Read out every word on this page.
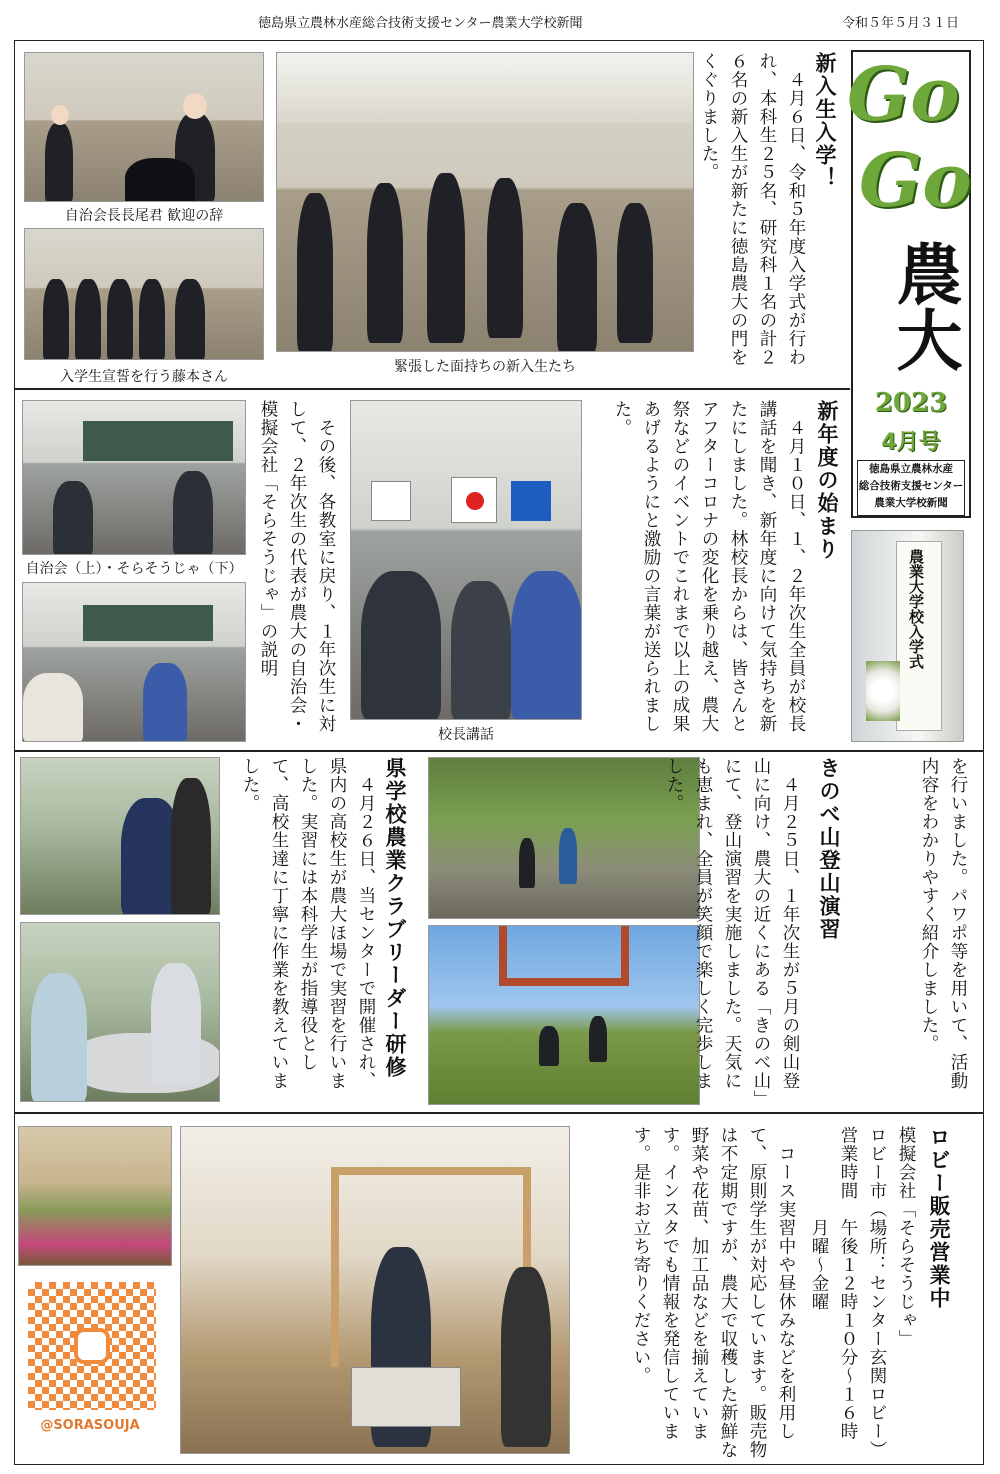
徳島県立農林水産総合技術支援センター農業大学校新聞	令和５年５月３１日
Go
Go
農大
2023
4月号
徳島県立農林水産
総合技術支援センター
農業大学校新聞
自治会長長尾君 歓迎の辞
入学生宣誓を行う藤本さん
緊張した面持ちの新入生たち
新入生入学！
　４月６日、令和５年度入学式が行われ、本科生２５名、研究科１名の計２６名の新入生が新たに徳島農大の門をくぐりました。
自治会（上）・そらそうじゃ（下）	　その後、各教室に戻り、１年次生に対して、２年次生の代表が農大の自治会・模擬会社「そらそうじゃ」の説明
校長講話
新年度の始まり
　４月１０日、１、２年次生全員が校長講話を聞き、新年度に向けて気持ちを新たにしました。林校長からは、皆さんとアフターコロナの変化を乗り越え、農大祭などのイベントでこれまで以上の成果あげるようにと激励の言葉が送られました。
農業大学校入学式
　４月２６日、当センターで開催され、県内の高校生が農大ほ場で実習を行いました。実習には本科学生が指導役として、高校生達に丁寧に作業を教えていました。	県学校農業クラブリーダー研修	　４月２５日、１年次生が５月の剣山登山に向け、農大の近くにある「きのべ山」にて、登山演習を実施しました。天気にも恵まれ、全員が笑顔で楽しく完歩しました。	きのべ山登山演習	を行いました。パワポ等を用いて、活動内容をわかりやすく紹介しました。
@SORASOUJA
ロビー販売営業中
模擬会社「そらそうじゃ」
ロビー市（場所：センター玄関ロビー）
営業時間　午後１２時１０分〜１６時
　　　　　月曜〜金曜
　コース実習中や昼休みなどを利用して、原則学生が対応しています。販売物は不定期ですが、農大で収穫した新鮮な野菜や花苗、加工品などを揃えています。インスタでも情報を発信しています。是非お立ち寄りください。
